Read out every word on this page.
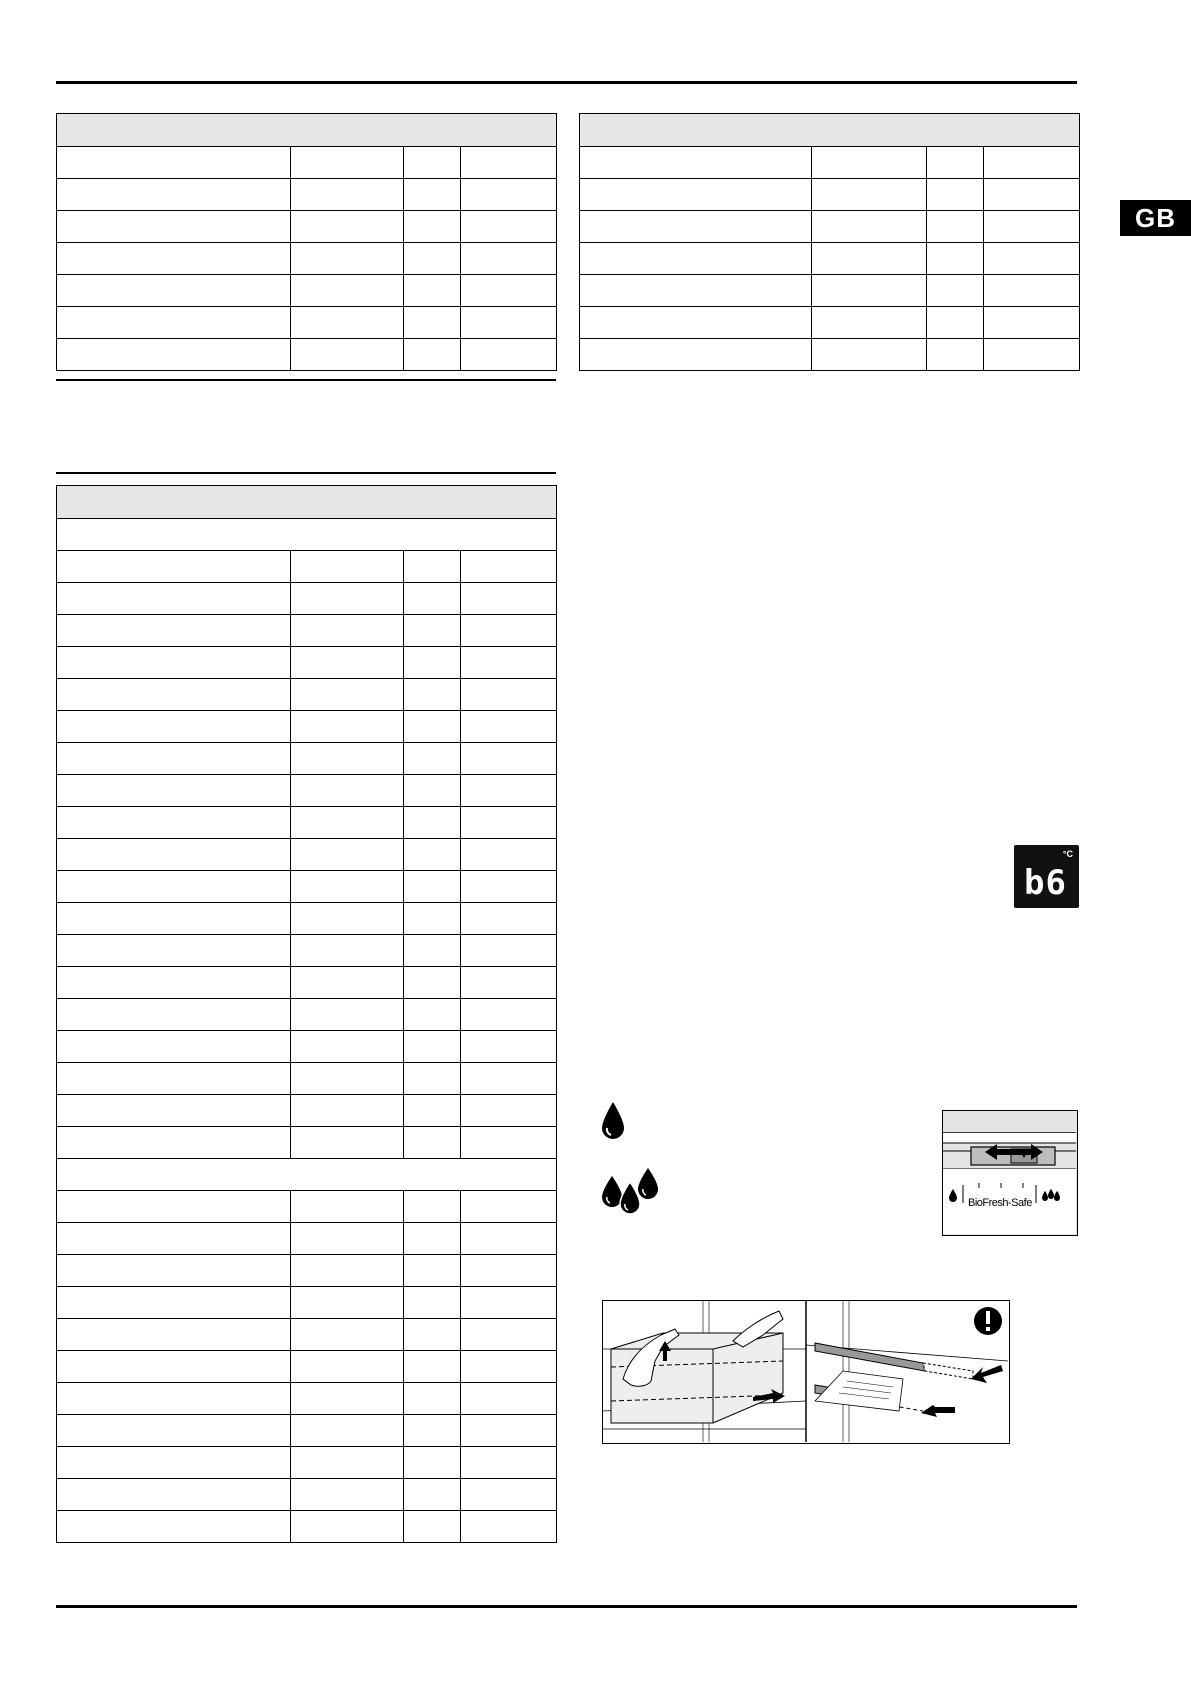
GB

°C
b6
BioFresh-Safe
